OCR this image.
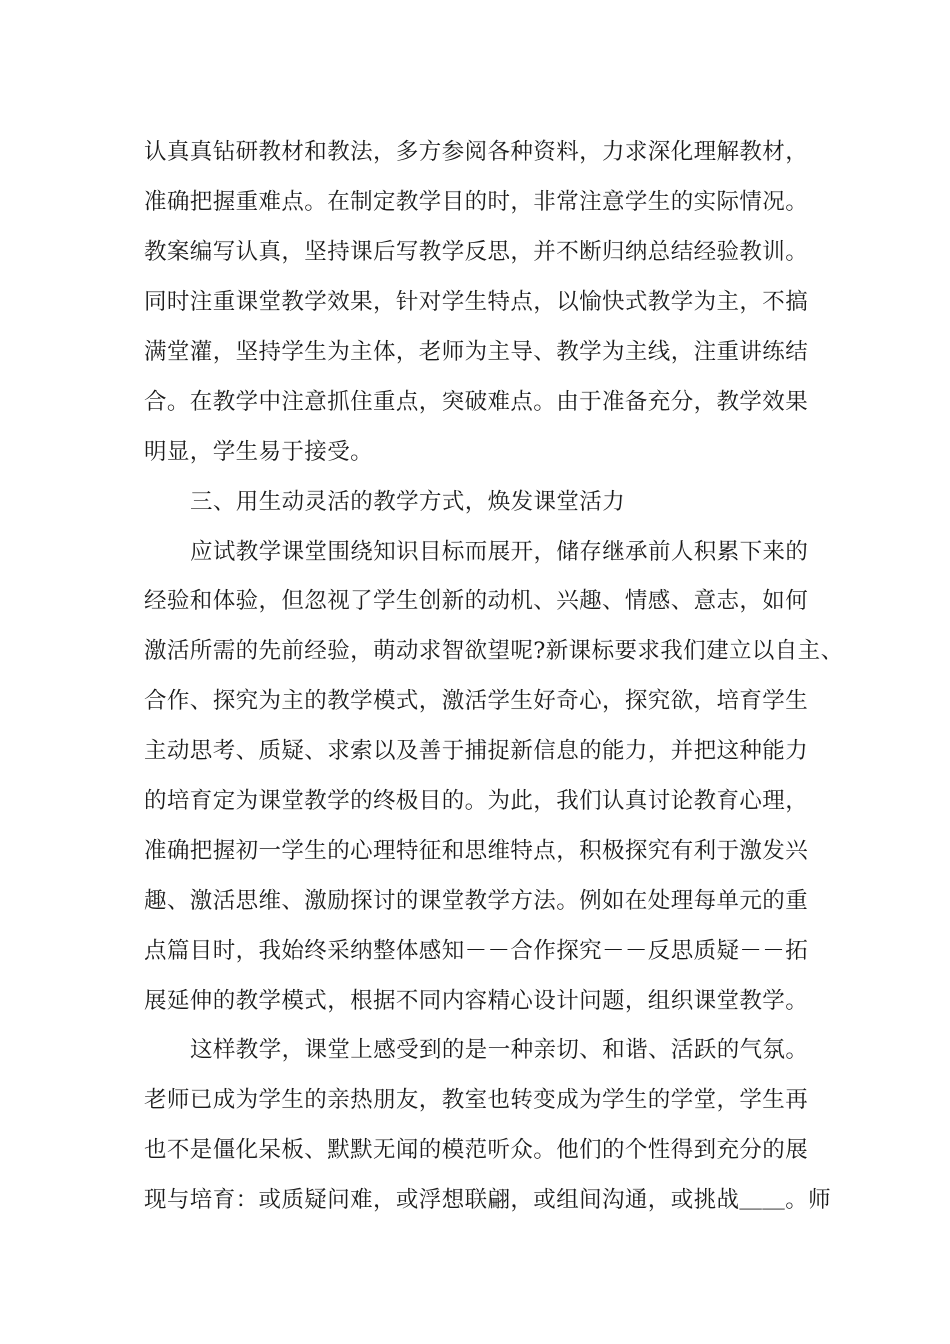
认真真钻研教材和教法，多方参阅各种资料，力求深化理解教材，
准确把握重难点。在制定教学目的时，非常注意学生的实际情况。
教案编写认真，坚持课后写教学反思，并不断归纳总结经验教训。
同时注重课堂教学效果，针对学生特点，以愉快式教学为主，不搞
满堂灌，坚持学生为主体，老师为主导、教学为主线，注重讲练结
合。在教学中注意抓住重点，突破难点。由于准备充分，教学效果
明显，学生易于接受。
三、用生动灵活的教学方式，焕发课堂活力
应试教学课堂围绕知识目标而展开，储存继承前人积累下来的
经验和体验，但忽视了学生创新的动机、兴趣、情感、意志，如何
激活所需的先前经验，萌动求智欲望呢?新课标要求我们建立以自主、
合作、探究为主的教学模式，激活学生好奇心，探究欲，培育学生
主动思考、质疑、求索以及善于捕捉新信息的能力，并把这种能力
的培育定为课堂教学的终极目的。为此，我们认真讨论教育心理，
准确把握初一学生的心理特征和思维特点，积极探究有利于激发兴
趣、激活思维、激励探讨的课堂教学方法。例如在处理每单元的重
点篇目时，我始终采纳整体感知－－合作探究－－反思质疑－－拓
展延伸的教学模式，根据不同内容精心设计问题，组织课堂教学。
这样教学，课堂上感受到的是一种亲切、和谐、活跃的气氛。
老师已成为学生的亲热朋友，教室也转变成为学生的学堂，学生再
也不是僵化呆板、默默无闻的模范听众。他们的个性得到充分的展
现与培育：或质疑问难，或浮想联翩，或组间沟通，或挑战＿＿。师
